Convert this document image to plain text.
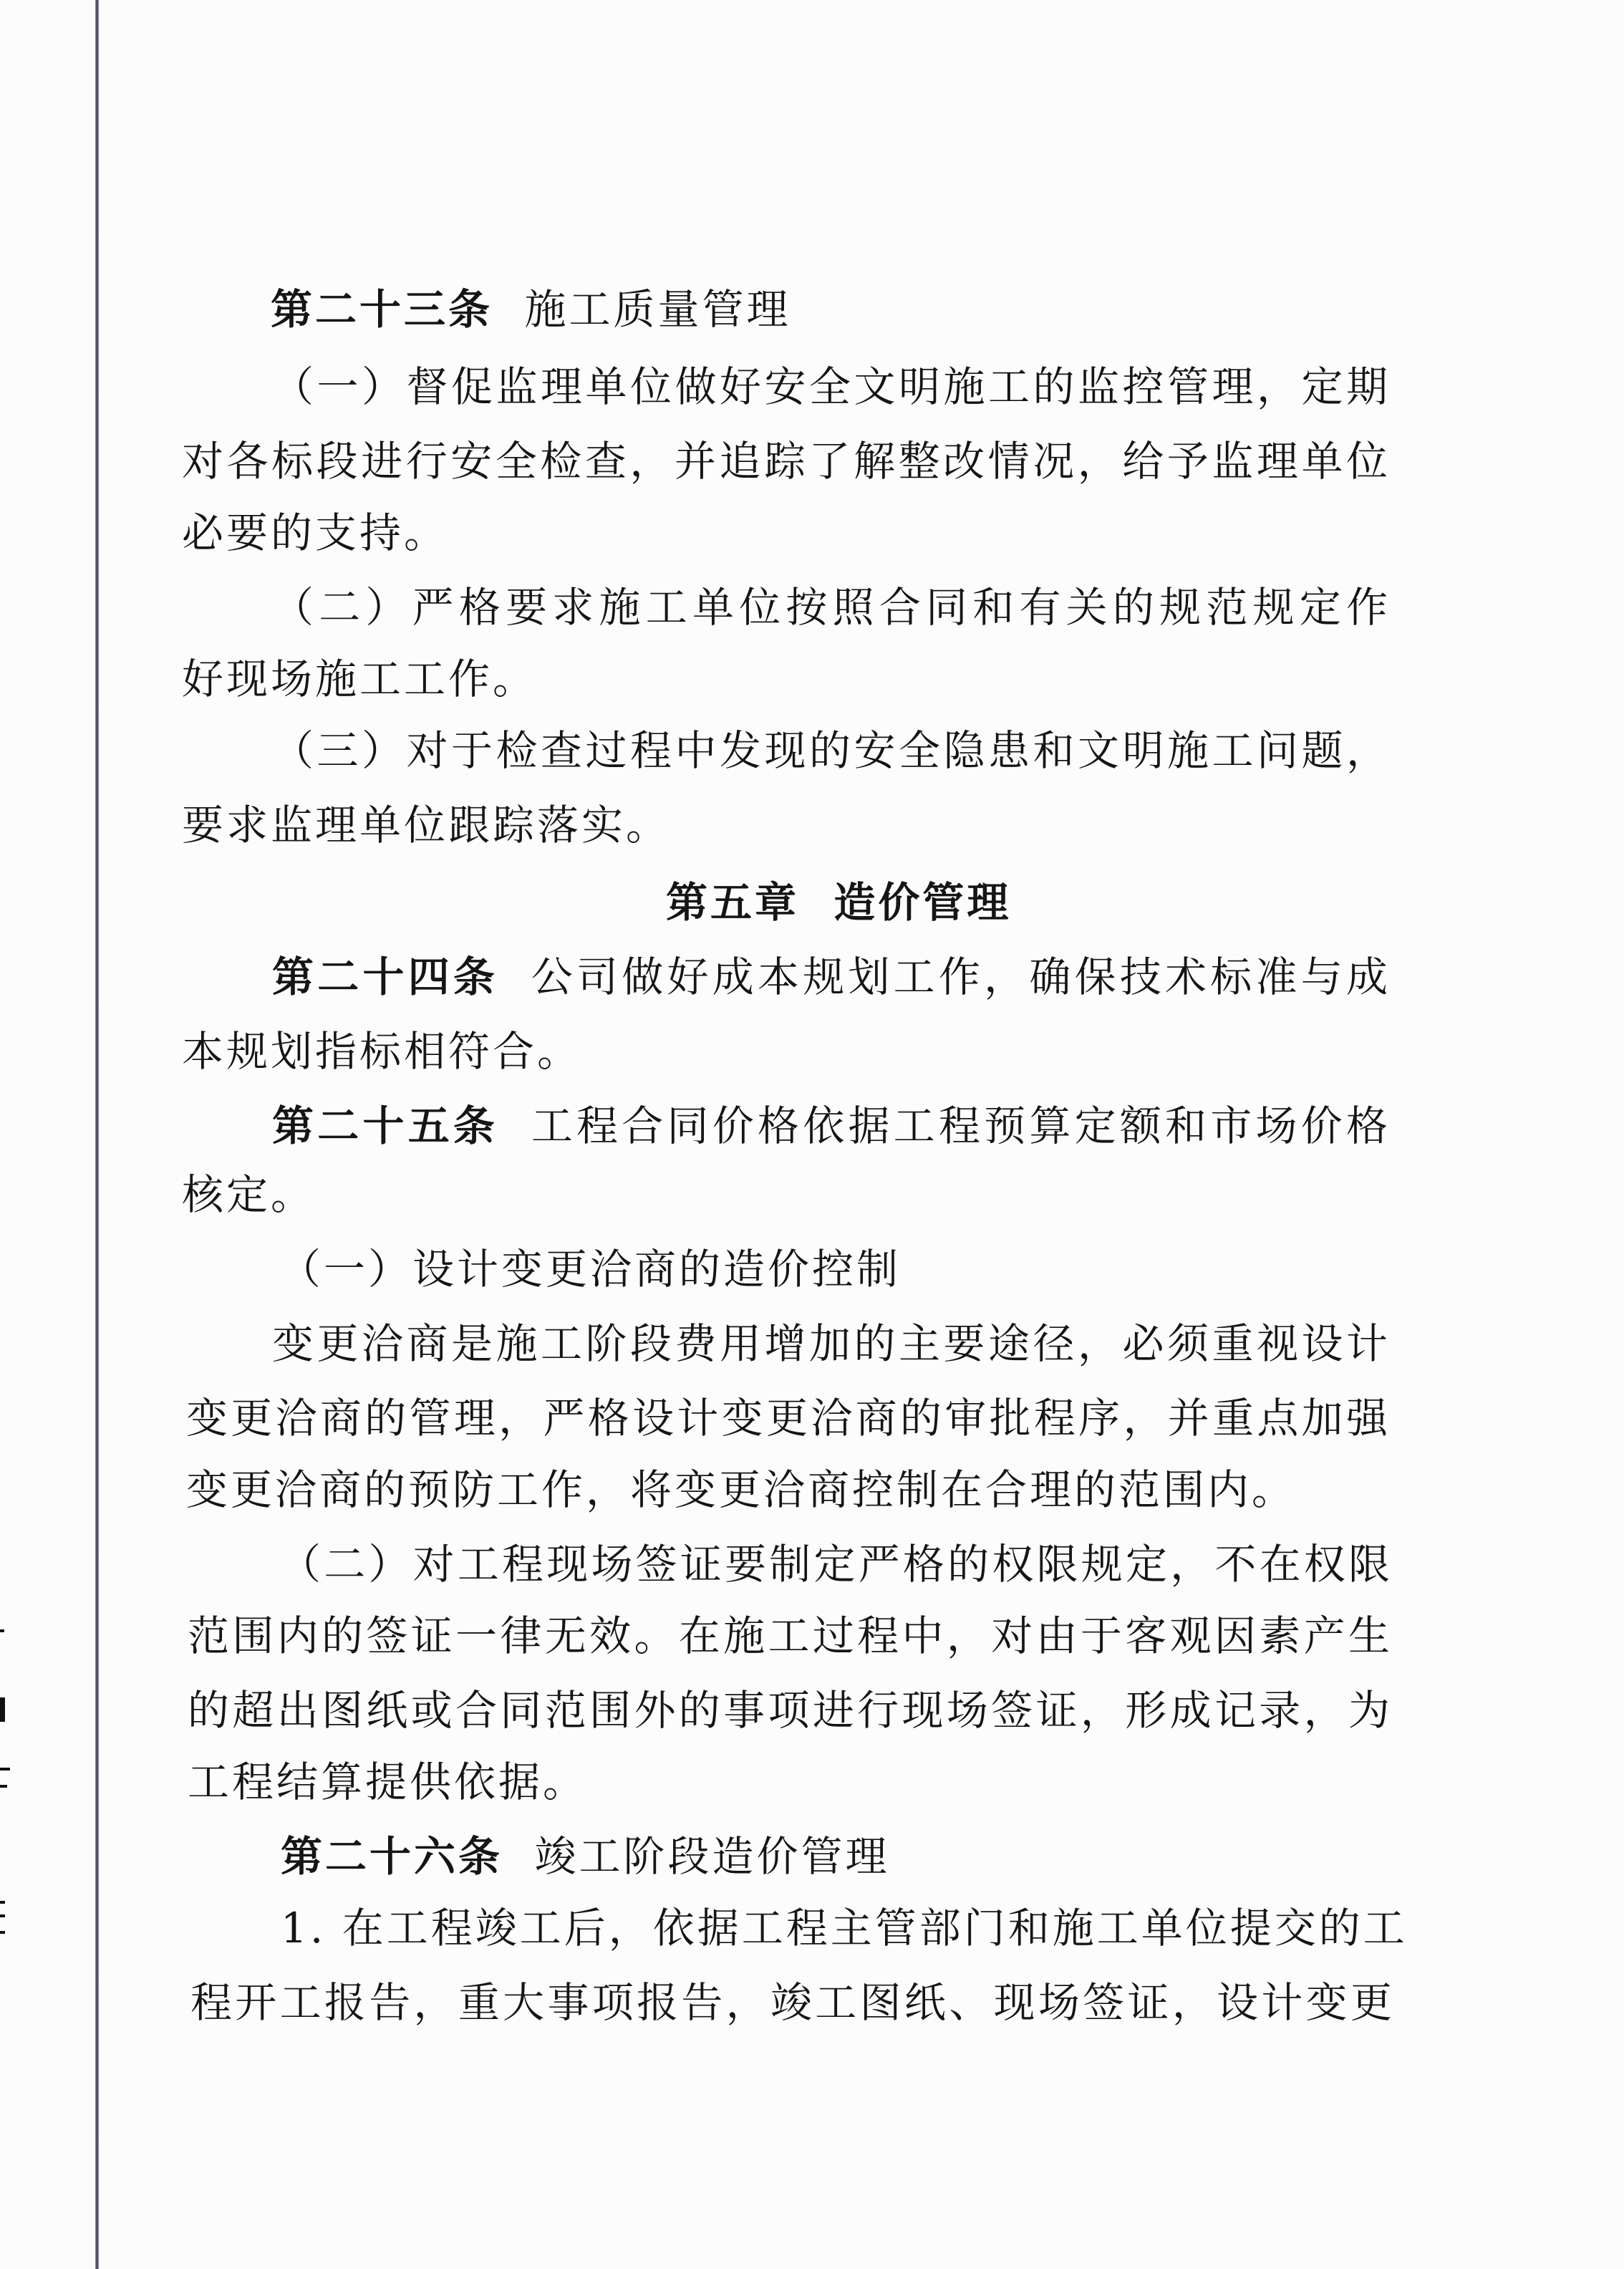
第二十三条 施工质量管理
（一）督促监理单位做好安全文明施工的监控管理，定期
对各标段进行安全检查，并追踪了解整改情况，给予监理单位
必要的支持。
（二）严格要求施工单位按照合同和有关的规范规定作
好现场施工工作。
（三）对于检查过程中发现的安全隐患和文明施工问题，
要求监理单位跟踪落实。
第五章  造价管理
第二十四条 公司做好成本规划工作，确保技术标准与成
本规划指标相符合。
第二十五条 工程合同价格依据工程预算定额和市场价格
核定。
（一）设计变更洽商的造价控制
变更洽商是施工阶段费用增加的主要途径，必须重视设计
变更洽商的管理，严格设计变更洽商的审批程序，并重点加强
变更洽商的预防工作，将变更洽商控制在合理的范围内。
（二）对工程现场签证要制定严格的权限规定，不在权限
范围内的签证一律无效。在施工过程中，对由于客观因素产生
的超出图纸或合同范围外的事项进行现场签证，形成记录，为
工程结算提供依据。
第二十六条 竣工阶段造价管理
1. 在工程竣工后，依据工程主管部门和施工单位提交的工
程开工报告，重大事项报告，竣工图纸、现场签证，设计变更
